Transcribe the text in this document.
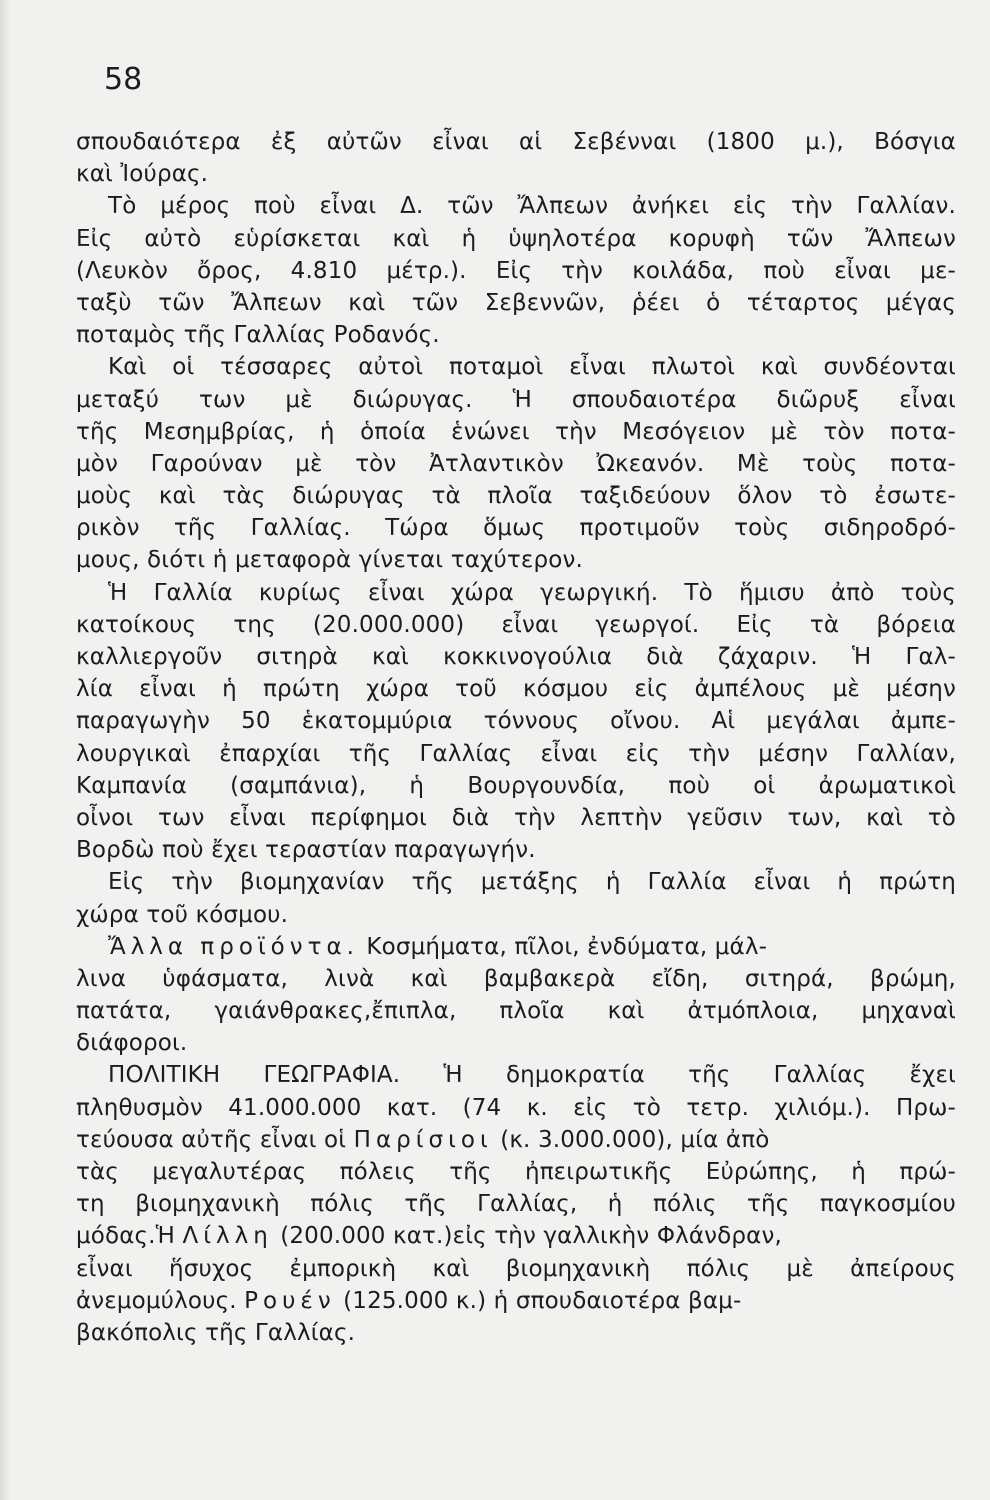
58
σπουδαιότερα ἐξ αὐτῶν εἶναι αἱ Σεβένναι (1800 μ.), Βόσγια
καὶ Ἰούρας.
Τὸ μέρος ποὺ εἶναι Δ. τῶν Ἄλπεων ἀνήκει εἰς τὴν Γαλλίαν.
Εἰς αὐτὸ εὑρίσκεται καὶ ἡ ὑψηλοτέρα κορυφὴ τῶν Ἄλπεων
(Λευκὸν ὄρος, 4.810 μέτρ.). Εἰς τὴν κοιλάδα, ποὺ εἶναι με-
ταξὺ τῶν Ἄλπεων καὶ τῶν Σεβεννῶν, ῥέει ὁ τέταρτος μέγας
ποταμὸς τῆς Γαλλίας Ροδανός.
Καὶ οἱ τέσσαρες αὐτοὶ ποταμοὶ εἶναι πλωτοὶ καὶ συνδέονται
μεταξύ των μὲ διώρυγας. Ἡ σπουδαιοτέρα διῶρυξ εἶναι
τῆς Μεσημβρίας, ἡ ὁποία ἑνώνει τὴν Μεσόγειον μὲ τὸν ποτα-
μὸν Γαρούναν μὲ τὸν Ἀτλαντικὸν Ὠκεανόν. Μὲ τοὺς ποτα-
μοὺς καὶ τὰς διώρυγας τὰ πλοῖα ταξιδεύουν ὅλον τὸ ἐσωτε-
ρικὸν τῆς Γαλλίας. Τώρα ὅμως προτιμοῦν τοὺς σιδηροδρό-
μους, διότι ἡ μεταφορὰ γίνεται ταχύτερον.
Ἡ Γαλλία κυρίως εἶναι χώρα γεωργική. Τὸ ἥμισυ ἀπὸ τοὺς
κατοίκους της (20.000.000) εἶναι γεωργοί. Εἰς τὰ βόρεια
καλλιεργοῦν σιτηρὰ καὶ κοκκινογούλια διὰ ζάχαριν. Ἡ Γαλ-
λία εἶναι ἡ πρώτη χώρα τοῦ κόσμου εἰς ἀμπέλους μὲ μέσην
παραγωγὴν 50 ἑκατομμύρια τόννους οἴνου. Αἱ μεγάλαι ἀμπε-
λουργικαὶ ἐπαρχίαι τῆς Γαλλίας εἶναι εἰς τὴν μέσην Γαλλίαν,
Καμπανία (σαμπάνια), ἡ Βουργουνδία, ποὺ οἱ ἀρωματικοὶ
οἶνοι των εἶναι περίφημοι διὰ τὴν λεπτὴν γεῦσιν των, καὶ τὸ
Βορδὼ ποὺ ἔχει τεραστίαν παραγωγήν.
Εἰς τὴν βιομηχανίαν τῆς μετάξης ἡ Γαλλία εἶναι ἡ πρώτη
χώρα τοῦ κόσμου.
Ἄλλα προϊόντα. Κοσμήματα, πῖλοι, ἐνδύματα, μάλ-
λινα ὑφάσματα, λινὰ καὶ βαμβακερὰ εἴδη, σιτηρά, βρώμη,
πατάτα, γαιάνθρακες,ἔπιπλα, πλοῖα καὶ ἀτμόπλοια, μηχαναὶ
διάφοροι.
ΠΟΛΙΤΙΚΗ ΓΕΩΓΡΑΦΙΑ. Ἡ δημοκρατία τῆς Γαλλίας ἔχει
πληθυσμὸν 41.000.000 κατ. (74 κ. εἰς τὸ τετρ. χιλιόμ.). Πρω-
τεύουσα αὐτῆς εἶναι οἱ Παρίσιοι (κ. 3.000.000), μία ἀπὸ
τὰς μεγαλυτέρας πόλεις τῆς ἠπειρωτικῆς Εὐρώπης, ἡ πρώ-
τη βιομηχανικὴ πόλις τῆς Γαλλίας, ἡ πόλις τῆς παγκοσμίου
μόδας.Ἡ Λίλλη (200.000 κατ.)εἰς τὴν γαλλικὴν Φλάνδραν,
εἶναι ἥσυχος ἐμπορικὴ καὶ βιομηχανικὴ πόλις μὲ ἀπείρους
ἀνεμομύλους. Ρουέν (125.000 κ.) ἡ σπουδαιοτέρα βαμ-
βακόπολις τῆς Γαλλίας.
